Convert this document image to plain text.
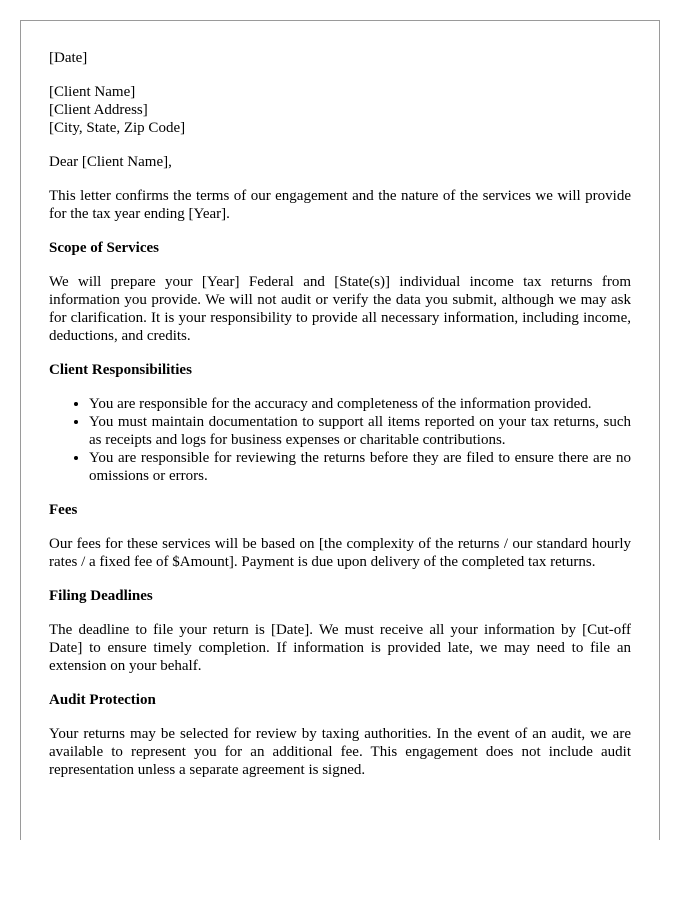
[Date]

[Client Name]

[Client Address]

[City, State, Zip Code]

Dear [Client Name],

This letter confirms the terms of our engagement and the nature of the services we will provide for the tax year ending [Year].

Scope of Services

We will prepare your [Year] Federal and [State(s)] individual income tax returns from information you provide. We will not audit or verify the data you submit, although we may ask for clarification. It is your responsibility to provide all necessary information, including income, deductions, and credits.

Client Responsibilities
• You are responsible for the accuracy and completeness of the information provided.
• You must maintain documentation to support all items reported on your tax returns, such as receipts and logs for business expenses or charitable contributions.
• You are responsible for reviewing the returns before they are filed to ensure there are no omissions or errors.
Fees

Our fees for these services will be based on [the complexity of the returns / our standard hourly rates / a fixed fee of $Amount]. Payment is due upon delivery of the completed tax returns.

Filing Deadlines

The deadline to file your return is [Date]. We must receive all your information by [Cut-off Date] to ensure timely completion. If information is provided late, we may need to file an extension on your behalf.

Audit Protection

Your returns may be selected for review by taxing authorities. In the event of an audit, we are available to represent you for an additional fee. This engagement does not include audit representation unless a separate agreement is signed.
